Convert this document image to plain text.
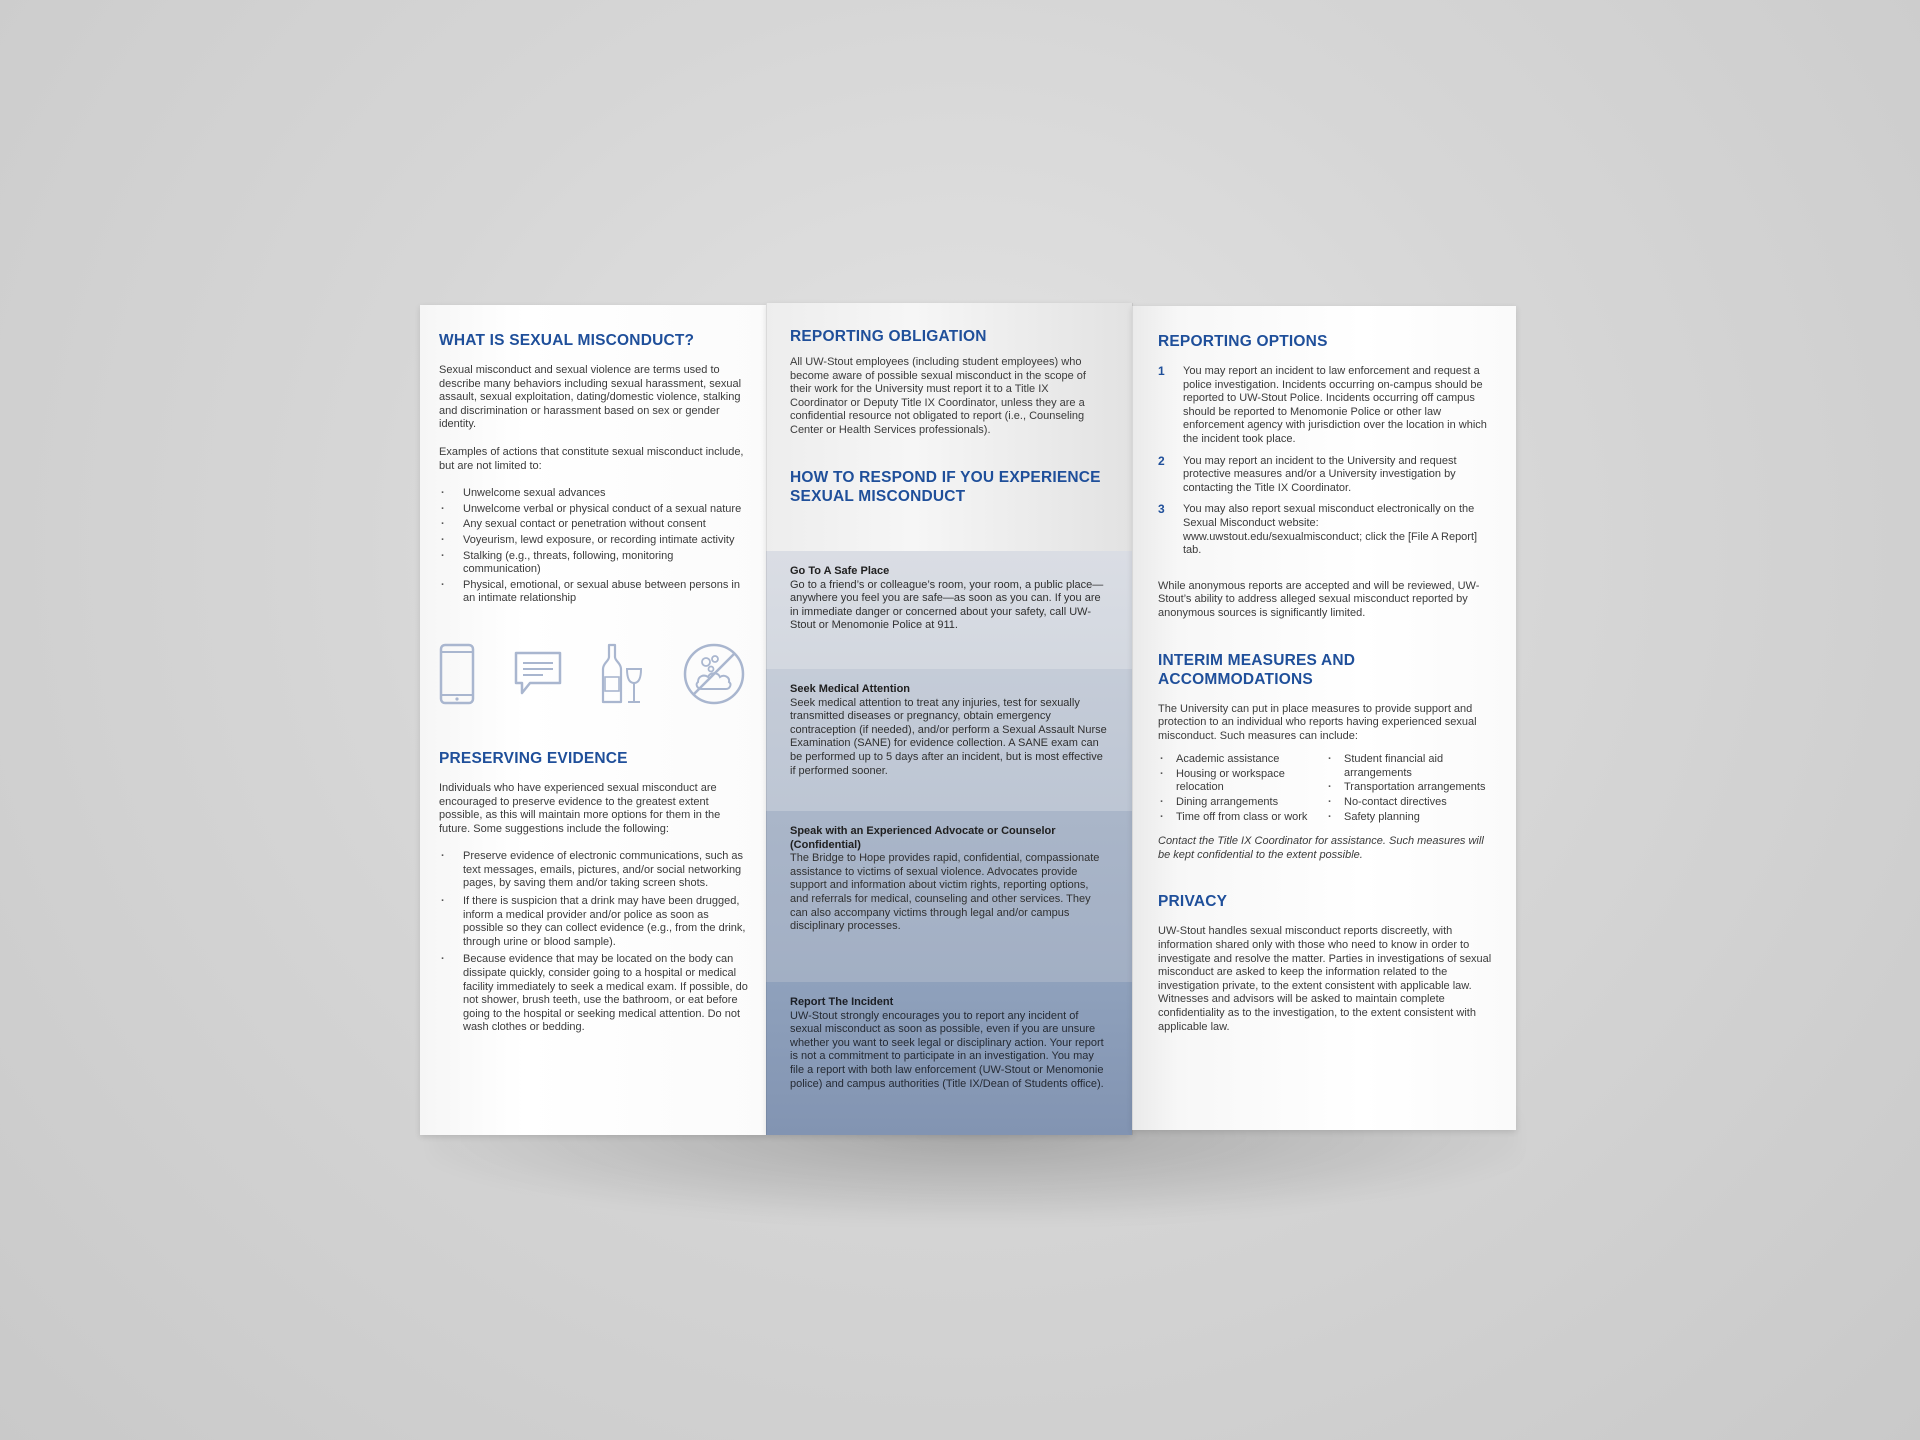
WHAT IS SEXUAL MISCONDUCT?

Sexual misconduct and sexual violence are terms used to describe many behaviors including sexual harassment, sexual assault, sexual exploitation, dating/domestic violence, stalking and discrimination or harassment based on sex or gender identity.

Examples of actions that constitute sexual misconduct include, but are not limited to:

· Unwelcome sexual advances
· Unwelcome verbal or physical conduct of a sexual nature
· Any sexual contact or penetration without consent
· Voyeurism, lewd exposure, or recording intimate activity
· Stalking (e.g., threats, following, monitoring communication)
· Physical, emotional, or sexual abuse between persons in an intimate relationship
PRESERVING EVIDENCE

Individuals who have experienced sexual misconduct are encouraged to preserve evidence to the greatest extent possible, as this will maintain more options for them in the future. Some suggestions include the following:

· Preserve evidence of electronic communications, such as text messages, emails, pictures, and/or social networking pages, by saving them and/or taking screen shots.
· If there is suspicion that a drink may have been drugged, inform a medical provider and/or police as soon as possible so they can collect evidence (e.g., from the drink, through urine or blood sample).
· Because evidence that may be located on the body can dissipate quickly, consider going to a hospital or medical facility immediately to seek a medical exam. If possible, do not shower, brush teeth, use the bathroom, or eat before going to the hospital or seeking medical attention. Do not wash clothes or bedding.
REPORTING OBLIGATION

All UW-Stout employees (including student employees) who become aware of possible sexual misconduct in the scope of their work for the University must report it to a Title IX Coordinator or Deputy Title IX Coordinator, unless they are a confidential resource not obligated to report (i.e., Counseling Center or Health Services professionals).

HOW TO RESPOND IF YOU EXPERIENCE SEXUAL MISCONDUCT

Go To A Safe Place

Go to a friend’s or colleague’s room, your room, a public place—anywhere you feel you are safe—as soon as you can. If you are in immediate danger or concerned about your safety, call UW-Stout or Menomonie Police at 911.

Seek Medical Attention

Seek medical attention to treat any injuries, test for sexually transmitted diseases or pregnancy, obtain emergency contraception (if needed), and/or perform a Sexual Assault Nurse Examination (SANE) for evidence collection. A SANE exam can be performed up to 5 days after an incident, but is most effective if performed sooner.

Speak with an Experienced Advocate or Counselor (Confidential)

The Bridge to Hope provides rapid, confidential, compassionate assistance to victims of sexual violence. Advocates provide support and information about victim rights, reporting options, and referrals for medical, counseling and other services. They can also accompany victims through legal and/or campus disciplinary processes.

Report The Incident

UW-Stout strongly encourages you to report any incident of sexual misconduct as soon as possible, even if you are unsure whether you want to seek legal or disciplinary action. Your report is not a commitment to participate in an investigation. You may file a report with both law enforcement (UW-Stout or Menomonie police) and campus authorities (Title IX/Dean of Students office).

REPORTING OPTIONS
1 You may report an incident to law enforcement and request a police investigation. Incidents occurring on-campus should be reported to UW-Stout Police. Incidents occurring off campus should be reported to Menomonie Police or other law enforcement agency with jurisdiction over the location in which the incident took place.
2 You may report an incident to the University and request protective measures and/or a University investigation by contacting the Title IX Coordinator.
3 You may also report sexual misconduct electronically on the Sexual Misconduct website: www.uwstout.edu/sexualmisconduct; click the [File A Report] tab.

While anonymous reports are accepted and will be reviewed, UW-Stout’s ability to address alleged sexual misconduct reported by anonymous sources is significantly limited.

INTERIM MEASURES AND ACCOMMODATIONS

The University can put in place measures to provide support and protection to an individual who reports having experienced sexual misconduct. Such measures can include:

· Academic assistance
· Housing or workspace relocation
· Dining arrangements
· Time off from class or work
· Student financial aid arrangements
· Transportation arrangements
· No-contact directives
· Safety planning

Contact the Title IX Coordinator for assistance. Such measures will be kept confidential to the extent possible.

PRIVACY

UW-Stout handles sexual misconduct reports discreetly, with information shared only with those who need to know in order to investigate and resolve the matter. Parties in investigations of sexual misconduct are asked to keep the information related to the investigation private, to the extent consistent with applicable law. Witnesses and advisors will be asked to maintain complete confidentiality as to the investigation, to the extent consistent with applicable law.
